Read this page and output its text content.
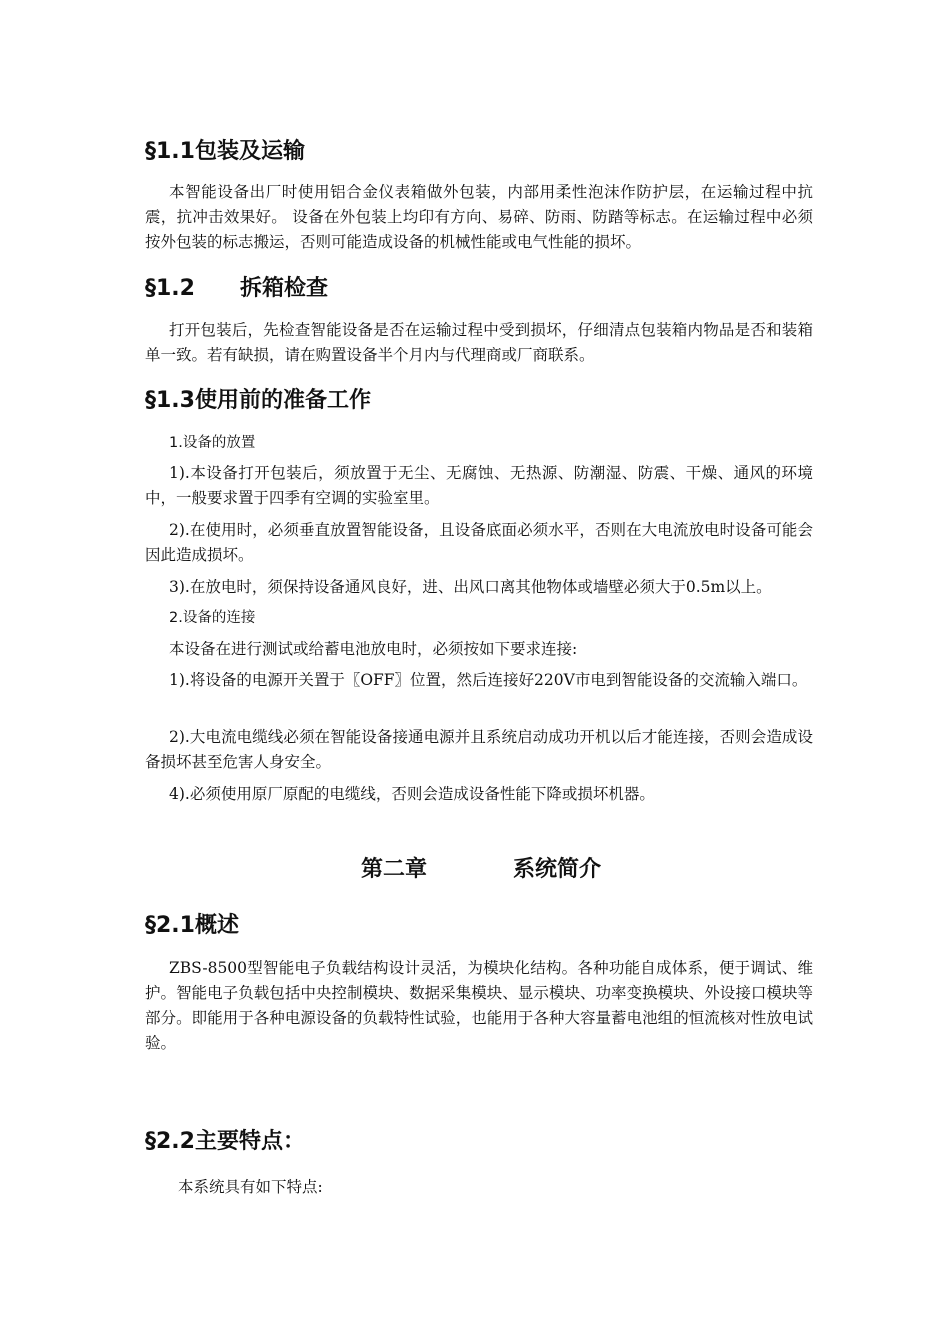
§1.1包装及运输

本智能设备出厂时使用铝合金仪表箱做外包装，内部用柔性泡沫作防护层，在运输过程中抗震，抗冲击效果好。 设备在外包装上均印有方向、易碎、防雨、防踏等标志。在运输过程中必须按外包装的标志搬运，否则可能造成设备的机械性能或电气性能的损坏。

§1.2 拆箱检查

打开包装后，先检查智能设备是否在运输过程中受到损坏，仔细清点包装箱内物品是否和装箱单一致。若有缺损，请在购置设备半个月内与代理商或厂商联系。

§1.3使用前的准备工作

1.设备的放置

1).本设备打开包装后，须放置于无尘、无腐蚀、无热源、防潮湿、防震、干燥、通风的环境中，一般要求置于四季有空调的实验室里。

2).在使用时，必须垂直放置智能设备，且设备底面必须水平，否则在大电流放电时设备可能会因此造成损坏。

3).在放电时，须保持设备通风良好，进、出风口离其他物体或墙壁必须大于0.5m以上。

2.设备的连接

本设备在进行测试或给蓄电池放电时，必须按如下要求连接:

1).将设备的电源开关置于〖OFF〗位置，然后连接好220V市电到智能设备的交流输入端口。

2).大电流电缆线必须在智能设备接通电源并且系统启动成功开机以后才能连接，否则会造成设备损坏甚至危害人身安全。

4).必须使用原厂原配的电缆线，否则会造成设备性能下降或损坏机器。

第二章	系统简介
§2.1概述

ZBS-8500型智能电子负载结构设计灵活，为模块化结构。各种功能自成体系，便于调试、维护。智能电子负载包括中央控制模块、数据采集模块、显示模块、功率变换模块、外设接口模块等部分。即能用于各种电源设备的负载特性试验，也能用于各种大容量蓄电池组的恒流核对性放电试验。

§2.2主要特点：

本系统具有如下特点:
